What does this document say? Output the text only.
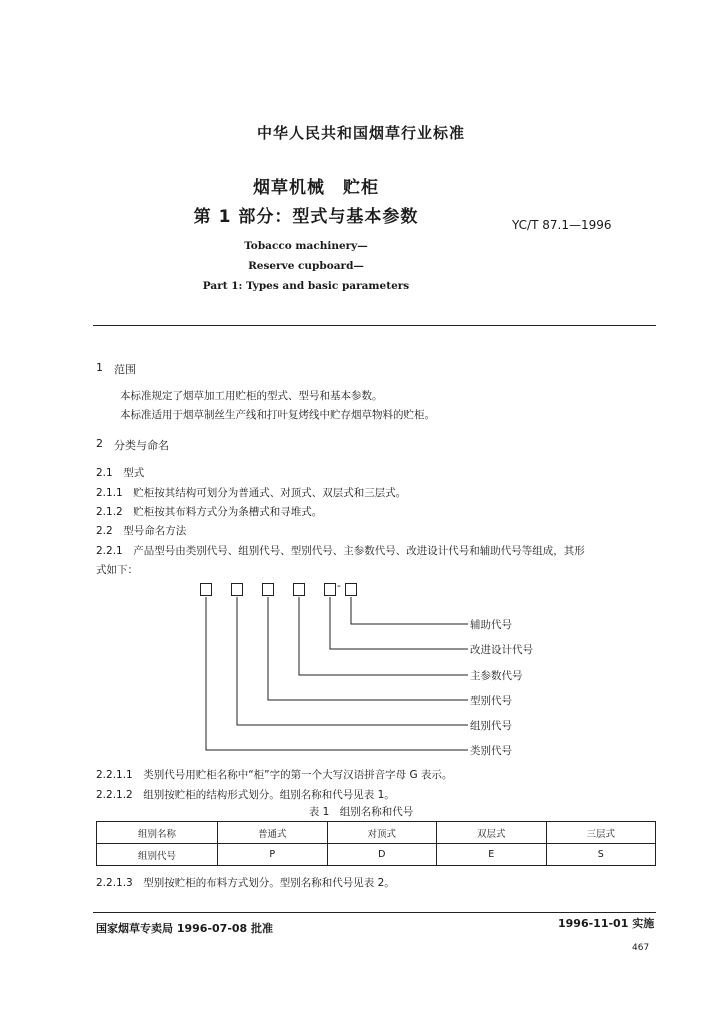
中华人民共和国烟草行业标准
烟草机械　贮柜
第 1 部分：型式与基本参数	YC/T 87.1—1996
Tobacco machinery—
Reserve cupboard—
Part 1: Types and basic parameters
1 范围
本标准规定了烟草加工用贮柜的型式、型号和基本参数。
本标准适用于烟草制丝生产线和打叶复烤线中贮存烟草物料的贮柜。
2 分类与命名
2.1　型式
2.1.1　贮柜按其结构可划分为普通式、对顶式、双层式和三层式。
2.1.2　贮柜按其布料方式分为条槽式和寻堆式。
2.2　型号命名方法
2.2.1　产品型号由类别代号、组别代号、型别代号、主参数代号、改进设计代号和辅助代号等组成，其形
式如下：
-
辅助代号
改进设计代号
主参数代号
型别代号
组别代号
类别代号
2.2.1.1　类别代号用贮柜名称中“柜”字的第一个大写汉语拼音字母 G 表示。
2.2.1.2　组别按贮柜的结构形式划分。组别名称和代号见表 1。
表 1　组别名称和代号
组别名称	普通式	对顶式	双层式	三层式
组别代号	P	D	E	S
2.2.1.3　型别按贮柜的布料方式划分。型别名称和代号见表 2。
国家烟草专卖局 1996-07-08 批准	1996-11-01 实施
467
